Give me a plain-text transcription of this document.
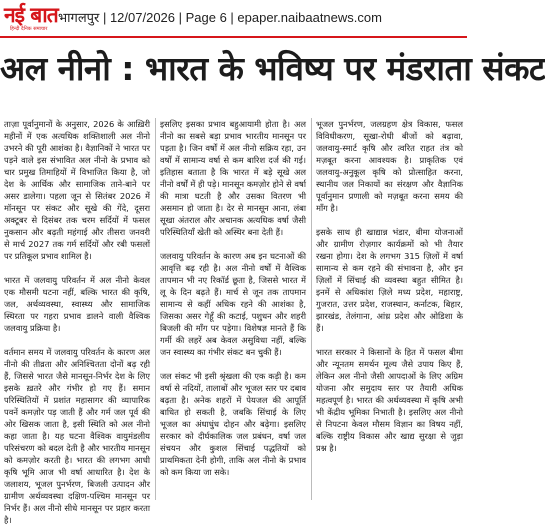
नई बात
हिन्दी दैनिक समाचार
भागलपुर | 12/07/2026 | Page 6 | epaper.naibaatnews.com
अल नीनो : भारत के भविष्य पर मंडराता संकट

ताज़ा पूर्वानुमानों के अनुसार, 2026 के आख़िरी महीनों में एक अत्यधिक शक्तिशाली अल नीनो उभरने की पूरी आशंका है। वैज्ञानिकों ने भारत पर पड़ने वाले इस संभावित अल नीनो के प्रभाव को चार प्रमुख तिमाहियों में विभाजित किया है, जो देश के आर्थिक और सामाजिक ताने-बाने पर असर डालेगा। पहला जून से सितंबर 2026 में मॉनसून पर संकट और सूखे की गेंदे, दूसरा अक्टूबर से दिसंबर तक चरम सर्दियों में फसल नुकसान और बढ़ती महंगाई और तीसरा जनवरी से मार्च 2027 तक गर्म सर्दियों और रबी फसलों पर प्रतिकूल प्रभाव शामिल है।

भारत में जलवायु परिवर्तन में अल नीनो केवल एक मौसमी घटना नहीं, बल्कि भारत की कृषि, जल, अर्थव्यवस्था, स्वास्थ्य और सामाजिक स्थिरता पर गहरा प्रभाव डालने वाली वैश्विक जलवायु प्रक्रिया है।

वर्तमान समय में जलवायु परिवर्तन के कारण अल नीनो की तीव्रता और अनिश्चितता दोनों बढ़ रही हैं, जिससे भारत जैसे मानसून-निर्भर देश के लिए इसके ख़तरे और गंभीर हो गए हैं। समान परिस्थितियों में प्रशांत महासागर की व्यापारिक पवनें कमज़ोर पड़ जाती हैं और गर्म जल पूर्व की ओर खिसक जाता है, इसी स्थिति को अल नीनो कहा जाता है। यह घटना वैश्विक वायुमंडलीय परिसंचरण को बदल देती है और भारतीय मानसून को कमज़ोर करती है। भारत की लगभग आधी कृषि भूमि आज भी वर्षा आधारित है। देश के जलाशय, भूजल पुनर्भरण, बिजली उत्पादन और ग्रामीण अर्थव्यवस्था दक्षिण-पश्चिम मानसून पर निर्भर हैं। अल नीनो सीधे मानसून पर प्रहार करता है।

इसलिए इसका प्रभाव बहुआयामी होता है। अल नीनो का सबसे बड़ा प्रभाव भारतीय मानसून पर पड़ता है। जिन वर्षों में अल नीनो सक्रिय रहा, उन वर्षों में सामान्य वर्षा से कम बारिश दर्ज की गई। इतिहास बताता है कि भारत में बड़े सूखे अल नीनो वर्षों में ही पड़े। मानसून कमज़ोर होने से वर्षा की मात्रा घटती है और उसका वितरण भी असमान हो जाता है। देर से मानसून आना, लंबा सूखा अंतराल और अचानक अत्यधिक वर्षा जैसी परिस्थितियाँ खेती को अस्थिर बना देती हैं।

जलवायु परिवर्तन के कारण अब इन घटनाओं की आवृत्ति बढ़ रही है। अल नीनो वर्षों में वैश्विक तापमान भी नए रिकॉर्ड छूता है, जिससे भारत में लू के दिन बढ़ते हैं। मार्च से जून तक तापमान सामान्य से कहीं अधिक रहने की आशंका है, जिसका असर गेहूँ की कटाई, पशुधन और शहरी बिजली की माँग पर पड़ेगा। विशेषज्ञ मानते हैं कि गर्मी की लहरें अब केवल असुविधा नहीं, बल्कि जन स्वास्थ्य का गंभीर संकट बन चुकी हैं।

जल संकट भी इसी श्रृंखला की एक कड़ी है। कम वर्षा से नदियों, तालाबों और भूजल स्तर पर दबाव बढ़ता है। अनेक शहरों में पेयजल की आपूर्ति बाधित हो सकती है, जबकि सिंचाई के लिए भूजल का अंधाधुंध दोहन और बढ़ेगा। इसलिए सरकार को दीर्घकालिक जल प्रबंधन, वर्षा जल संचयन और कुशल सिंचाई पद्धतियों को प्राथमिकता देनी होगी, ताकि अल नीनो के प्रभाव को कम किया जा सके।

भूजल पुनर्भरण, जलग्रहण क्षेत्र विकास, फसल विविधीकरण, सूखा-रोधी बीजों को बढ़ावा, जलवायु-स्मार्ट कृषि और त्वरित राहत तंत्र को मज़बूत करना आवश्यक है। प्राकृतिक एवं जलवायु-अनुकूल कृषि को प्रोत्साहित करना, स्थानीय जल निकायों का संरक्षण और वैज्ञानिक पूर्वानुमान प्रणाली को मज़बूत करना समय की माँग है।

इसके साथ ही खाद्यान्न भंडार, बीमा योजनाओं और ग्रामीण रोज़गार कार्यक्रमों को भी तैयार रखना होगा। देश के लगभग 315 ज़िलों में वर्षा सामान्य से कम रहने की संभावना है, और इन ज़िलों में सिंचाई की व्यवस्था बहुत सीमित है। इनमें से अधिकांश ज़िले मध्य प्रदेश, महाराष्ट्र, गुजरात, उत्तर प्रदेश, राजस्थान, कर्नाटक, बिहार, झारखंड, तेलंगाना, आंध्र प्रदेश और ओडिशा के हैं।

भारत सरकार ने किसानों के हित में फसल बीमा और न्यूनतम समर्थन मूल्य जैसे उपाय किए हैं, लेकिन अल नीनो जैसी आपदाओं के लिए अग्रिम योजना और समुदाय स्तर पर तैयारी अधिक महत्वपूर्ण है। भारत की अर्थव्यवस्था में कृषि अभी भी केंद्रीय भूमिका निभाती है। इसलिए अल नीनो से निपटना केवल मौसम विज्ञान का विषय नहीं, बल्कि राष्ट्रीय विकास और खाद्य सुरक्षा से जुड़ा प्रश्न है।
